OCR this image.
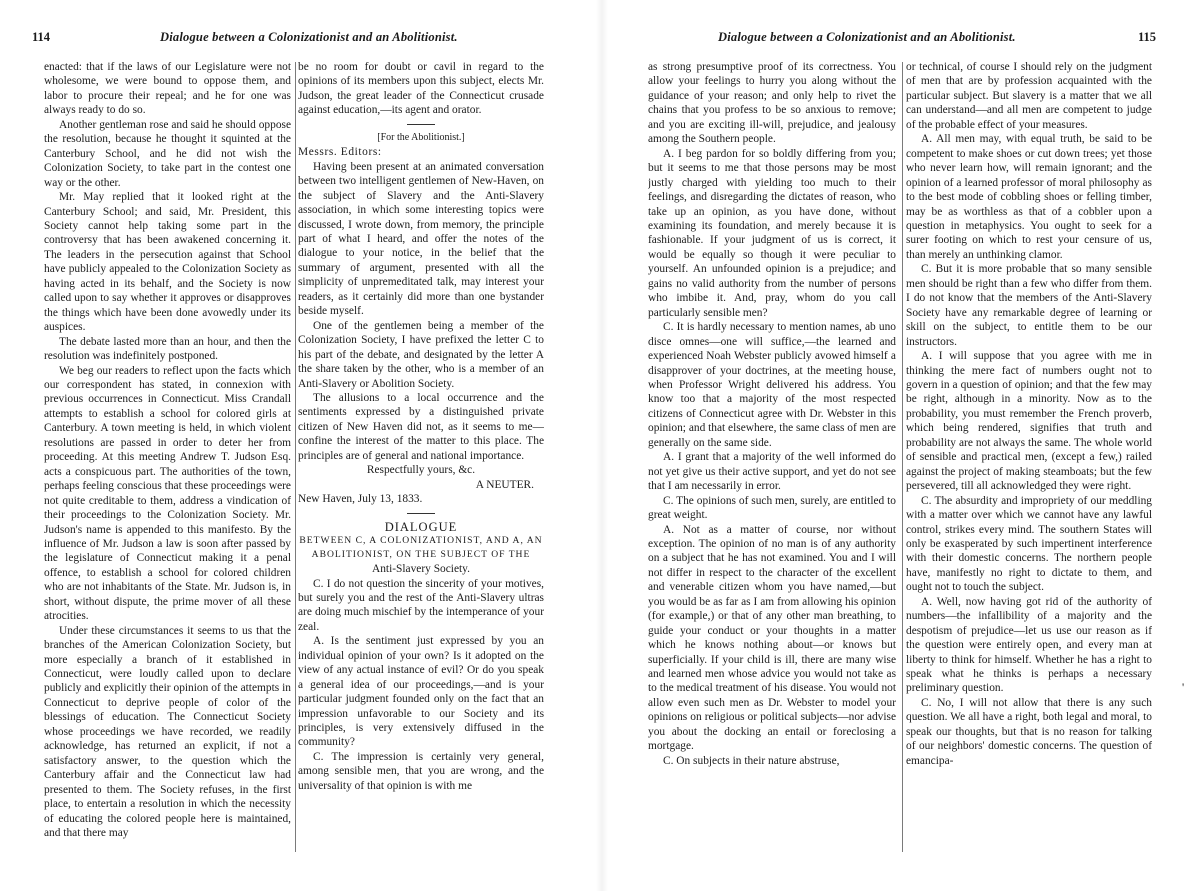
114	Dialogue between a Colonizationist and an Abolitionist.

enacted: that if the laws of our Legislature were not wholesome, we were bound to oppose them, and labor to procure their repeal; and he for one was always ready to do so.

Another gentleman rose and said he should oppose the resolution, because he thought it squinted at the Canterbury School, and he did not wish the Colonization Society, to take part in the contest one way or the other.

Mr. May replied that it looked right at the Canterbury School; and said, Mr. President, this Society cannot help taking some part in the controversy that has been awakened concerning it. The leaders in the persecution against that School have publicly appealed to the Colonization Society as having acted in its behalf, and the Society is now called upon to say whether it approves or disapproves the things which have been done avowedly under its auspices.

The debate lasted more than an hour, and then the resolution was indefinitely postponed.

We beg our readers to reflect upon the facts which our correspondent has stated, in connexion with previous occurrences in Connecticut. Miss Crandall attempts to establish a school for colored girls at Canterbury. A town meeting is held, in which violent resolutions are passed in order to deter her from proceeding. At this meeting Andrew T. Judson Esq. acts a conspicuous part. The authorities of the town, perhaps feeling conscious that these proceedings were not quite creditable to them, address a vindication of their proceedings to the Colonization Society. Mr. Judson's name is appended to this manifesto. By the influence of Mr. Judson a law is soon after passed by the legislature of Connecticut making it a penal offence, to establish a school for colored children who are not inhabitants of the State. Mr. Judson is, in short, without dispute, the prime mover of all these atrocities.

Under these circumstances it seems to us that the branches of the American Colonization Society, but more especially a branch of it established in Connecticut, were loudly called upon to declare publicly and explicitly their opinion of the attempts in Connecticut to deprive people of color of the blessings of education. The Connecticut Society whose proceedings we have recorded, we readily acknowledge, has returned an explicit, if not a satisfactory answer, to the question which the Canterbury affair and the Connecticut law had presented to them. The Society refuses, in the first place, to entertain a resolution in which the necessity of educating the colored people here is maintained, and that there may

be no room for doubt or cavil in regard to the opinions of its members upon this subject, elects Mr. Judson, the great leader of the Connecticut crusade against education,—its agent and orator.

[For the Abolitionist.]

Messrs. Editors:

Having been present at an animated conversation between two intelligent gentlemen of New-Haven, on the subject of Slavery and the Anti-Slavery association, in which some interesting topics were discussed, I wrote down, from memory, the principle part of what I heard, and offer the notes of the dialogue to your notice, in the belief that the summary of argument, presented with all the simplicity of unpremeditated talk, may interest your readers, as it certainly did more than one bystander beside myself.

One of the gentlemen being a member of the Colonization Society, I have prefixed the letter C to his part of the debate, and designated by the letter A the share taken by the other, who is a member of an Anti-Slavery or Abolition Society.

The allusions to a local occurrence and the sentiments expressed by a distinguished private citizen of New Haven did not, as it seems to me—confine the interest of the matter to this place. The principles are of general and national importance.

Respectfully yours, &c.

A NEUTER.

New Haven, July 13, 1833.

DIALOGUE

BETWEEN C, A COLONIZATIONIST, AND A, AN ABOLITIONIST, ON THE SUBJECT OF THE

Anti-Slavery Society.

C. I do not question the sincerity of your motives, but surely you and the rest of the Anti-Slavery ultras are doing much mischief by the intemperance of your zeal.

A. Is the sentiment just expressed by you an individual opinion of your own? Is it adopted on the view of any actual instance of evil? Or do you speak a general idea of our proceedings,—and is your particular judgment founded only on the fact that an impression unfavorable to our Society and its principles, is very extensively diffused in the community?

C. The impression is certainly very general, among sensible men, that you are wrong, and the universality of that opinion is with me

Dialogue between a Colonizationist and an Abolitionist.	115

as strong presumptive proof of its correctness. You allow your feelings to hurry you along without the guidance of your reason; and only help to rivet the chains that you profess to be so anxious to remove; and you are exciting ill-will, prejudice, and jealousy among the Southern people.

A. I beg pardon for so boldly differing from you; but it seems to me that those persons may be most justly charged with yielding too much to their feelings, and disregarding the dictates of reason, who take up an opinion, as you have done, without examining its foundation, and merely because it is fashionable. If your judgment of us is correct, it would be equally so though it were peculiar to yourself. An unfounded opinion is a prejudice; and gains no valid authority from the number of persons who imbibe it. And, pray, whom do you call particularly sensible men?

C. It is hardly necessary to mention names, ab uno disce omnes—one will suffice,—the learned and experienced Noah Webster publicly avowed himself a disapprover of your doctrines, at the meeting house, when Professor Wright delivered his address. You know too that a majority of the most respected citizens of Connecticut agree with Dr. Webster in this opinion; and that elsewhere, the same class of men are generally on the same side.

A. I grant that a majority of the well informed do not yet give us their active support, and yet do not see that I am necessarily in error.

C. The opinions of such men, surely, are entitled to great weight.

A. Not as a matter of course, nor without exception. The opinion of no man is of any authority on a subject that he has not examined. You and I will not differ in respect to the character of the excellent and venerable citizen whom you have named,—but you would be as far as I am from allowing his opinion (for example,) or that of any other man breathing, to guide your conduct or your thoughts in a matter which he knows nothing about—or knows but superficially. If your child is ill, there are many wise and learned men whose advice you would not take as to the medical treatment of his disease. You would not allow even such men as Dr. Webster to model your opinions on religious or political subjects—nor advise you about the docking an entail or foreclosing a mortgage.

C. On subjects in their nature abstruse,

or technical, of course I should rely on the judgment of men that are by profession acquainted with the particular subject. But slavery is a matter that we all can understand—and all men are competent to judge of the probable effect of your measures.

A. All men may, with equal truth, be said to be competent to make shoes or cut down trees; yet those who never learn how, will remain ignorant; and the opinion of a learned professor of moral philosophy as to the best mode of cobbling shoes or felling timber, may be as worthless as that of a cobbler upon a question in metaphysics. You ought to seek for a surer footing on which to rest your censure of us, than merely an unthinking clamor.

C. But it is more probable that so many sensible men should be right than a few who differ from them. I do not know that the members of the Anti-Slavery Society have any remarkable degree of learning or skill on the subject, to entitle them to be our instructors.

A. I will suppose that you agree with me in thinking the mere fact of numbers ought not to govern in a question of opinion; and that the few may be right, although in a minority. Now as to the probability, you must remember the French proverb, which being rendered, signifies that truth and probability are not always the same. The whole world of sensible and practical men, (except a few,) railed against the project of making steamboats; but the few persevered, till all acknowledged they were right.

C. The absurdity and impropriety of our meddling with a matter over which we cannot have any lawful control, strikes every mind. The southern States will only be exasperated by such impertinent interference with their domestic concerns. The northern people have, manifestly no right to dictate to them, and ought not to touch the subject.

A. Well, now having got rid of the authority of numbers—the infallibility of a majority and the despotism of prejudice—let us use our reason as if the question were entirely open, and every man at liberty to think for himself. Whether he has a right to speak what he thinks is perhaps a necessary preliminary question.

C. No, I will not allow that there is any such question. We all have a right, both legal and moral, to speak our thoughts, but that is no reason for talking of our neighbors' domestic concerns. The question of emancipa-

'
